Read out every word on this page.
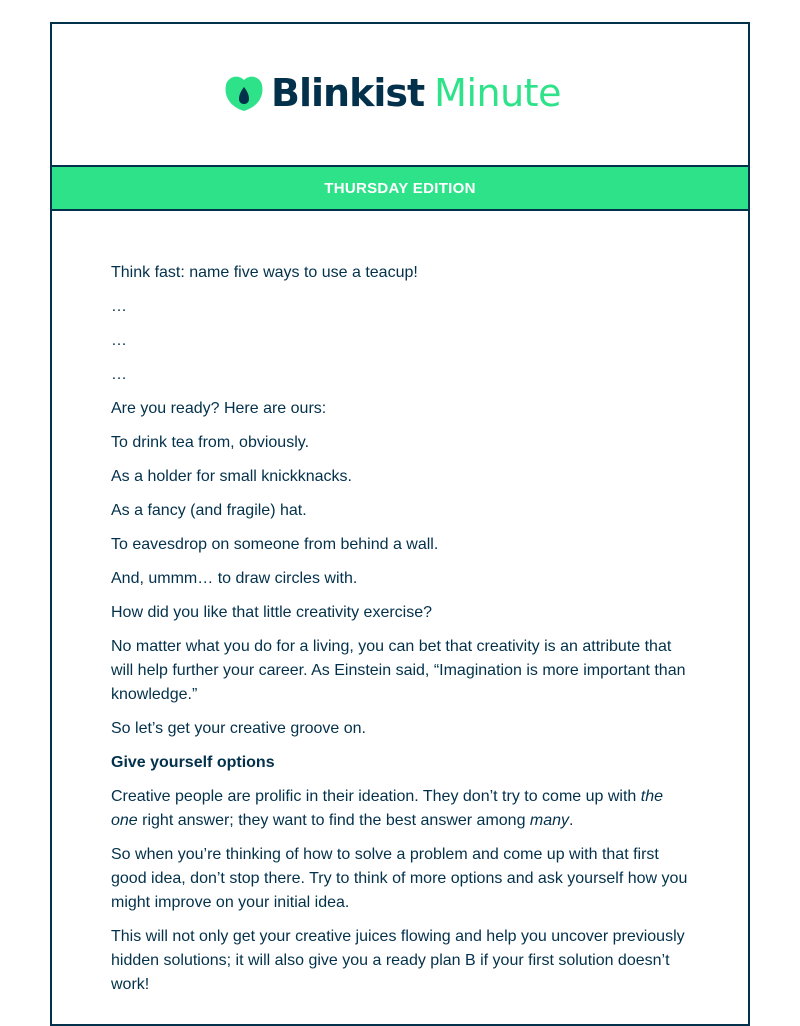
Blinkist Minute
THURSDAY EDITION

Think fast: name five ways to use a teacup!

…

…

…

Are you ready? Here are ours:

To drink tea from, obviously.

As a holder for small knickknacks.

As a fancy (and fragile) hat.

To eavesdrop on someone from behind a wall.

And, ummm… to draw circles with.

How did you like that little creativity exercise?

No matter what you do for a living, you can bet that creativity is an attribute that will help further your career. As Einstein said, “Imagination is more important than knowledge.”

So let’s get your creative groove on.

Give yourself options

Creative people are prolific in their ideation. They don’t try to come up with the one right answer; they want to find the best answer among many.

So when you’re thinking of how to solve a problem and come up with that first good idea, don’t stop there. Try to think of more options and ask yourself how you might improve on your initial idea.

This will not only get your creative juices flowing and help you uncover previously hidden solutions; it will also give you a ready plan B if your first solution doesn’t work!
